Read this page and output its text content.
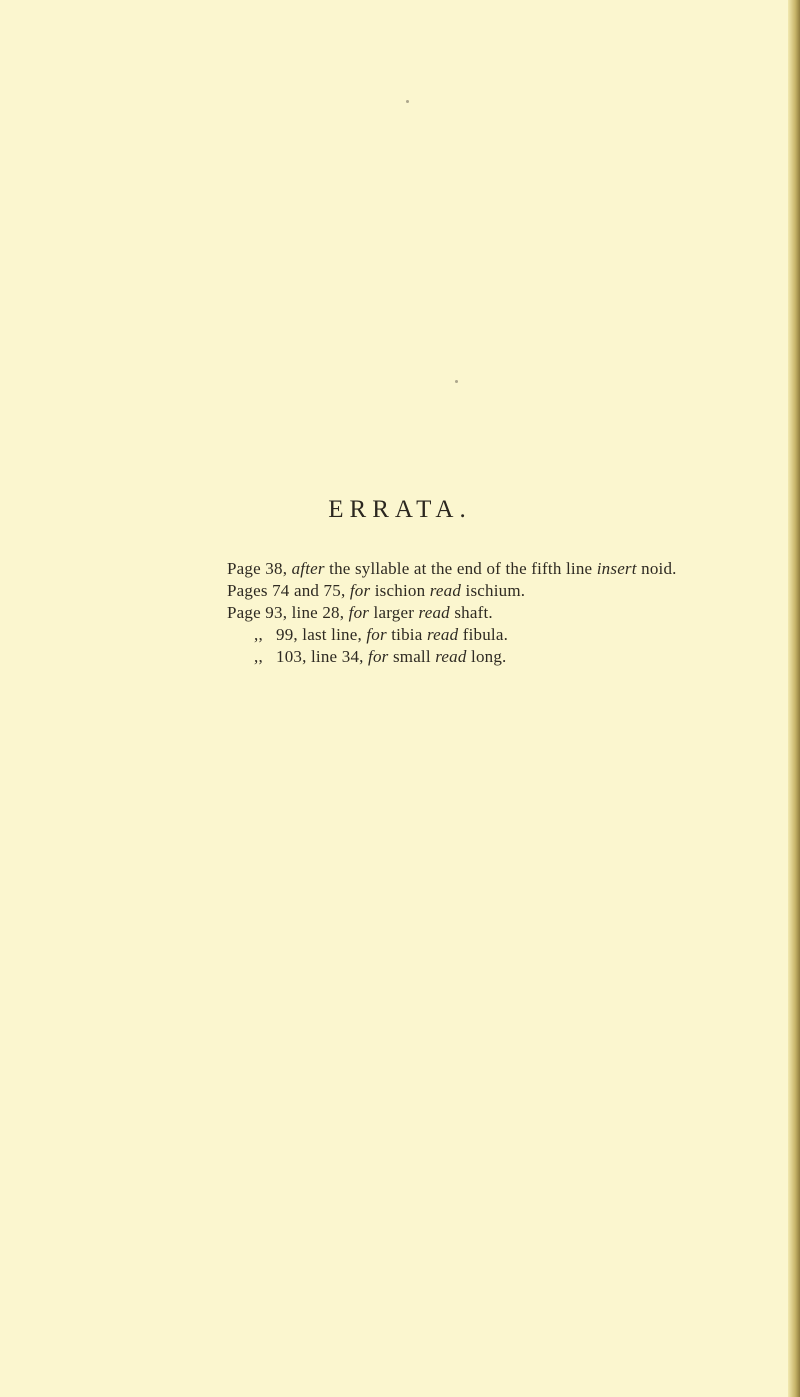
ERRATA.
Page 38, after the syllable at the end of the fifth line insert noid.
Pages 74 and 75, for ischion read ischium.
Page 93, line 28, for larger read shaft.
,, 99, last line, for tibia read fibula.
,, 103, line 34, for small read long.
